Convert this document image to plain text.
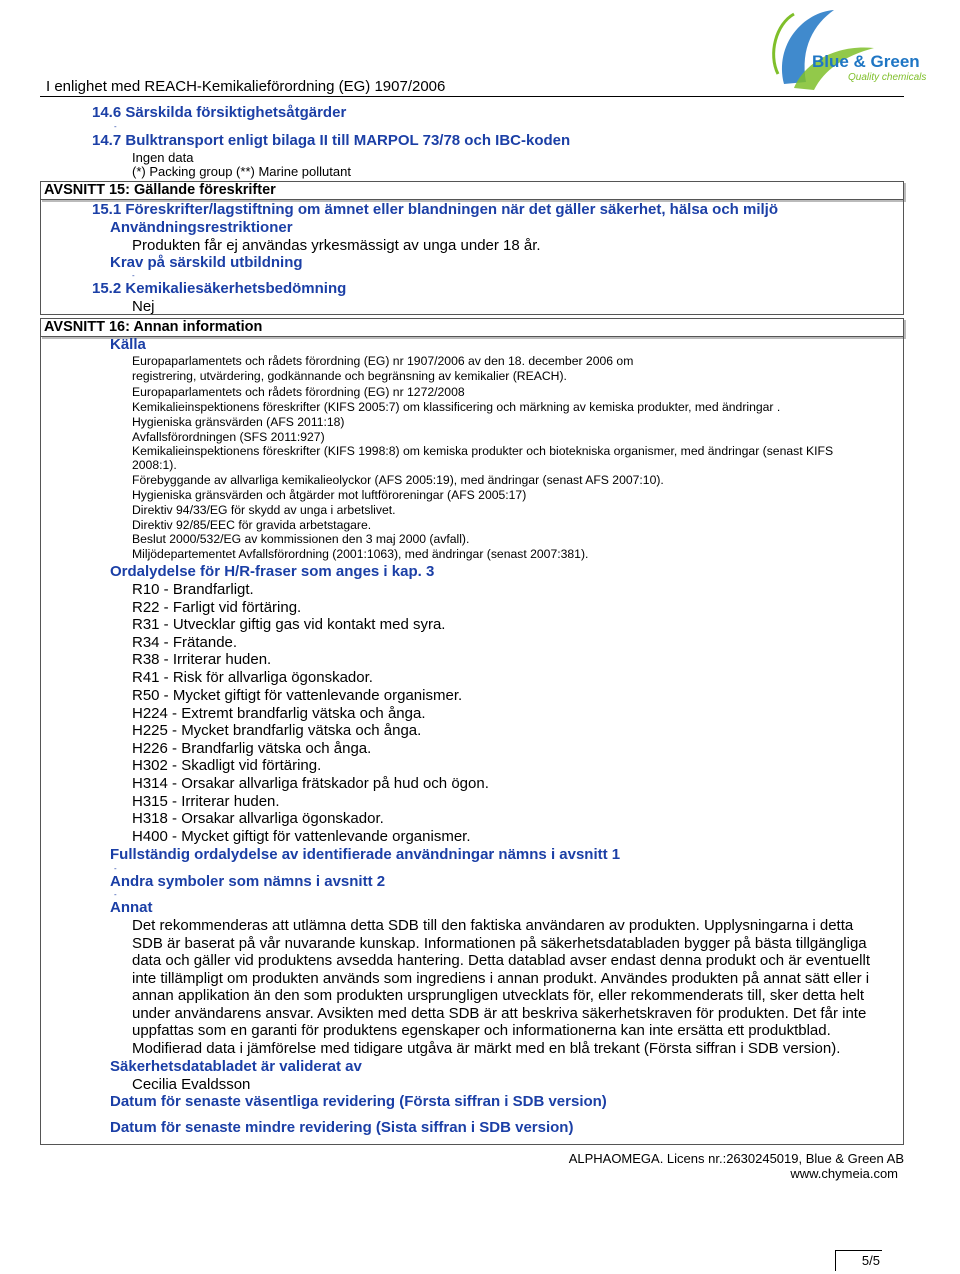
I enlighet med REACH-Kemikalieförordning (EG) 1907/2006
Blue & Green
Quality chemicals
14.6 Särskilda försiktighetsåtgärder
-
14.7 Bulktransport enligt bilaga II till MARPOL 73/78 och IBC-koden
Ingen data
(*) Packing group (**) Marine pollutant
AVSNITT 15: Gällande föreskrifter
15.1 Föreskrifter/lagstiftning om ämnet eller blandningen när det gäller säkerhet, hälsa och miljö
Användningsrestriktioner
Produkten får ej användas yrkesmässigt av unga under 18 år.
Krav på särskild utbildning
-
15.2 Kemikaliesäkerhetsbedömning
Nej
AVSNITT 16: Annan information
Källa
Europaparlamentets och rådets förordning (EG) nr 1907/2006 av den 18. december 2006 om
registrering, utvärdering, godkännande och begränsning av kemikalier (REACH).
Europaparlamentets och rådets förordning (EG) nr 1272/2008
Kemikalieinspektionens föreskrifter (KIFS 2005:7) om klassificering och märkning av kemiska produkter, med ändringar .
Hygieniska gränsvärden (AFS 2011:18)
Avfallsförordningen (SFS 2011:927)
Kemikalieinspektionens föreskrifter (KIFS 1998:8) om kemiska produkter och biotekniska organismer, med ändringar (senast KIFS
2008:1).
Förebyggande av allvarliga kemikalieolyckor (AFS 2005:19), med ändringar (senast AFS 2007:10).
Hygieniska gränsvärden och åtgärder mot luftföroreningar (AFS 2005:17)
Direktiv 94/33/EG för skydd av unga i arbetslivet.
Direktiv 92/85/EEC för gravida arbetstagare.
Beslut 2000/532/EG av kommissionen den 3 maj 2000 (avfall).
Miljödepartementet Avfallsförordning (2001:1063), med ändringar (senast 2007:381).
Ordalydelse för H/R-fraser som anges i kap. 3
R10 - Brandfarligt.
R22 - Farligt vid förtäring.
R31 - Utvecklar giftig gas vid kontakt med syra.
R34 - Frätande.
R38 - Irriterar huden.
R41 - Risk för allvarliga ögonskador.
R50 - Mycket giftigt för vattenlevande organismer.
H224 - Extremt brandfarlig vätska och ånga.
H225 - Mycket brandfarlig vätska och ånga.
H226 - Brandfarlig vätska och ånga.
H302 - Skadligt vid förtäring.
H314 - Orsakar allvarliga frätskador på hud och ögon.
H315 - Irriterar huden.
H318 - Orsakar allvarliga ögonskador.
H400 - Mycket giftigt för vattenlevande organismer.
Fullständig ordalydelse av identifierade användningar nämns i avsnitt 1
-
Andra symboler som nämns i avsnitt 2
-
Annat
Det rekommenderas att utlämna detta SDB till den faktiska användaren av produkten. Upplysningarna i detta
SDB är baserat på vår nuvarande kunskap. Informationen på säkerhetsdatabladen bygger på bästa tillgängliga
data och gäller vid produktens avsedda hantering. Detta datablad avser endast denna produkt och är eventuellt
inte tillämpligt om produkten används som ingrediens i annan produkt. Användes produkten på annat sätt eller i
annan applikation än den som produkten ursprungligen utvecklats för, eller rekommenderats till, sker detta helt
under användarens ansvar. Avsikten med detta SDB är att beskriva säkerhetskraven för produkten. Det får inte
uppfattas som en garanti för produktens egenskaper och informationerna kan inte ersätta ett produktblad.
Modifierad data i jämförelse med tidigare utgåva är märkt med en blå trekant (Första siffran i SDB version).
Säkerhetsdatabladet är validerat av
Cecilia Evaldsson
Datum för senaste väsentliga revidering (Första siffran i SDB version)
Datum för senaste mindre revidering (Sista siffran i SDB version)
ALPHAOMEGA. Licens nr.:2630245019, Blue & Green AB
www.chymeia.com
5/5
